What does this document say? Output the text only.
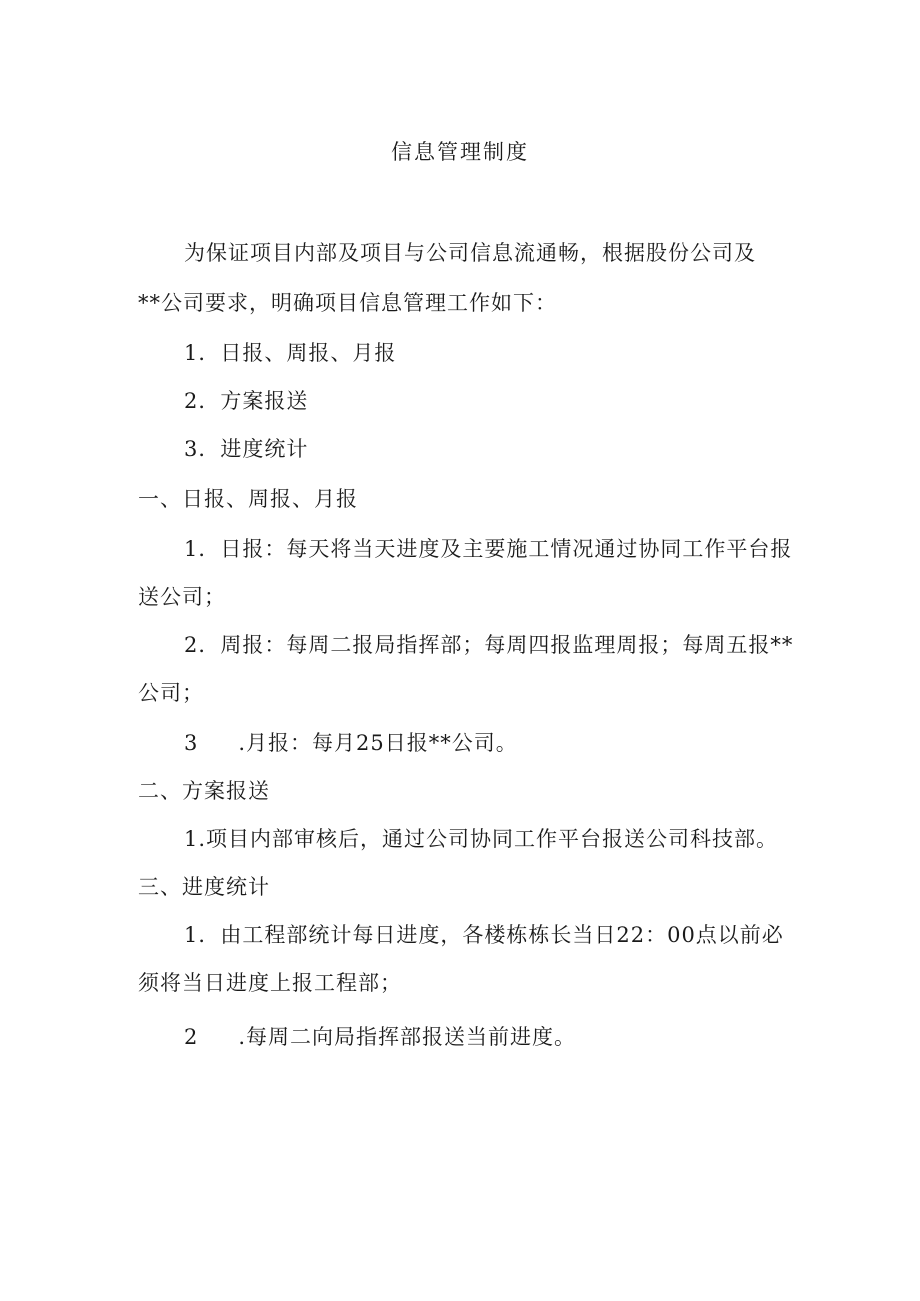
信息管理制度
为保证项目内部及项目与公司信息流通畅，根据股份公司及
**公司要求，明确项目信息管理工作如下：
1．日报、周报、月报
2．方案报送
3．进度统计
一、日报、周报、月报
1．日报：每天将当天进度及主要施工情况通过协同工作平台报
送公司；
2．周报：每周二报局指挥部；每周四报监理周报；每周五报**
公司；
3 .月报：每月25日报**公司。
二、方案报送
1.项目内部审核后，通过公司协同工作平台报送公司科技部。
三、进度统计
1．由工程部统计每日进度，各楼栋栋长当日22：00点以前必
须将当日进度上报工程部；
2 .每周二向局指挥部报送当前进度。
